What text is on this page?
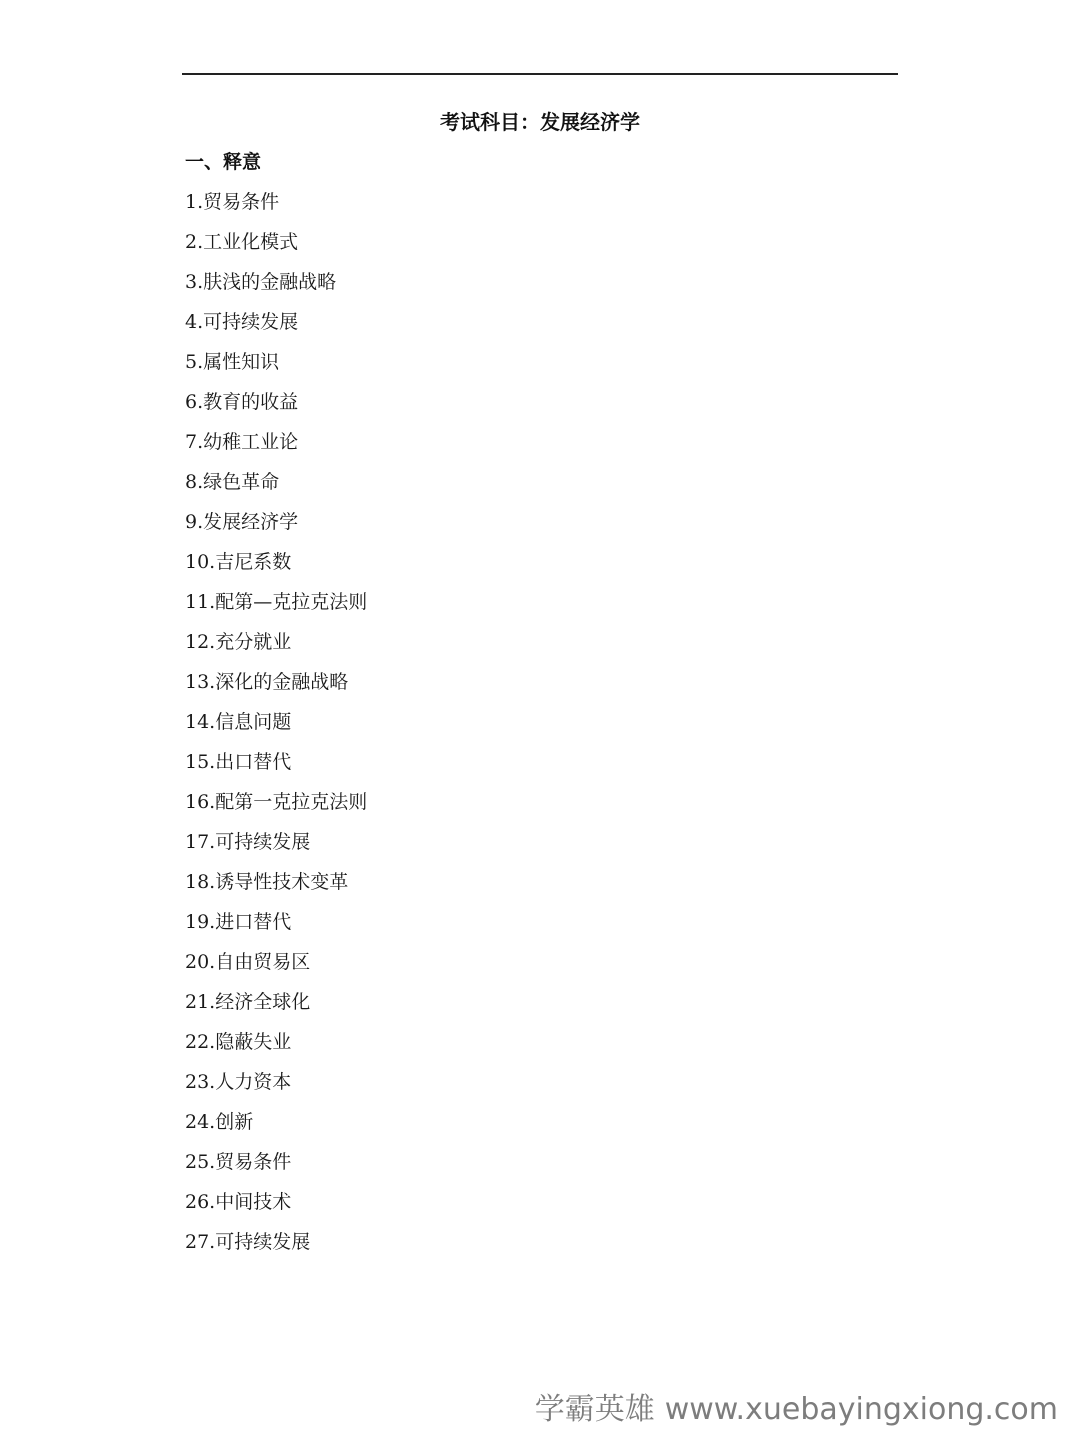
考试科目：发展经济学
一、释意
1.贸易条件
2.工业化模式
3.肤浅的金融战略
4.可持续发展
5.属性知识
6.教育的收益
7.幼稚工业论
8.绿色革命
9.发展经济学
10.吉尼系数
11.配第—克拉克法则
12.充分就业
13.深化的金融战略
14.信息问题
15.出口替代
16.配第一克拉克法则
17.可持续发展
18.诱导性技术变革
19.进口替代
20.自由贸易区
21.经济全球化
22.隐蔽失业
23.人力资本
24.创新
25.贸易条件
26.中间技术
27.可持续发展
学霸英雄 www.xuebayingxiong.com
